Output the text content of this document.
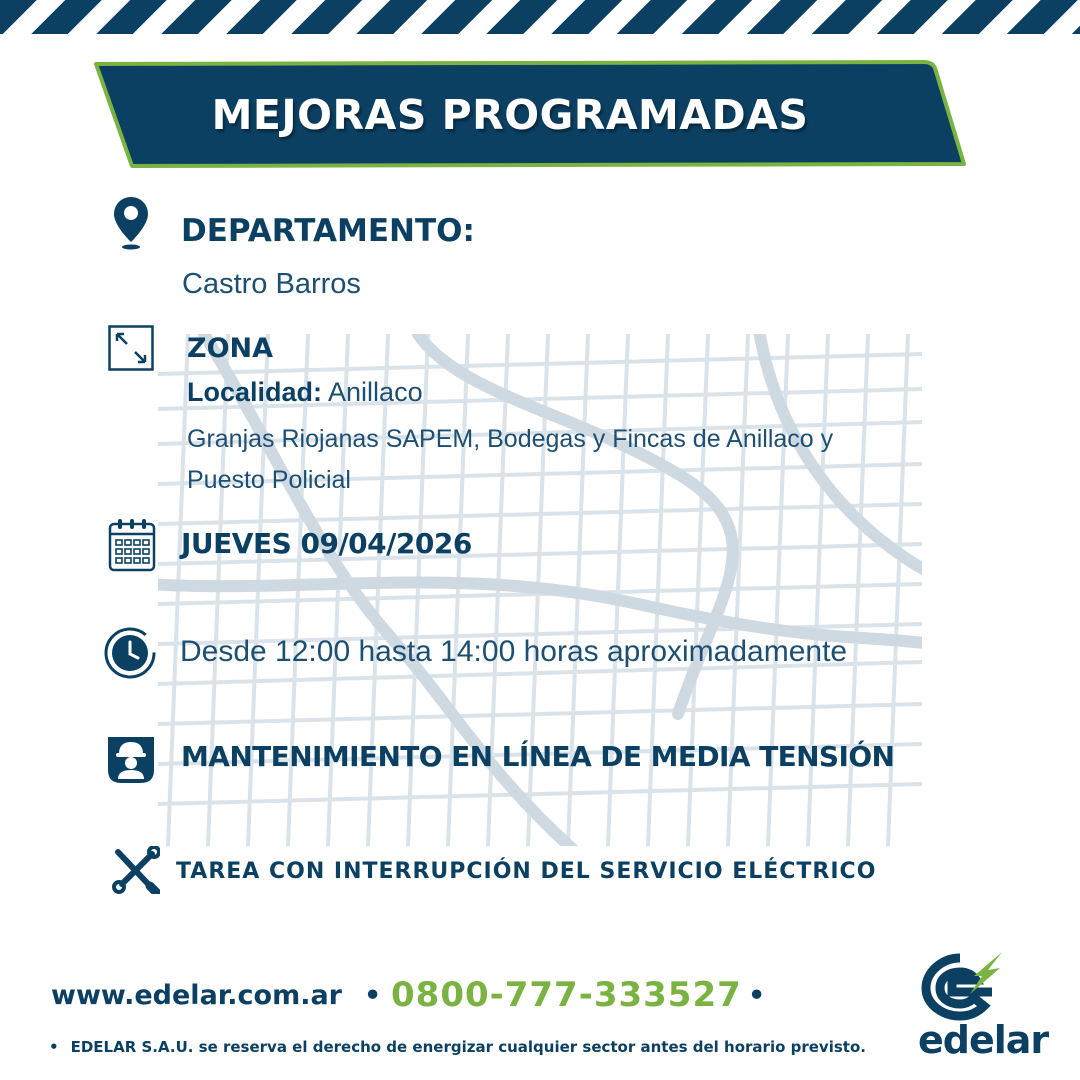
MEJORAS PROGRAMADAS
DEPARTAMENTO:
Castro Barros
ZONA
Localidad: Anillaco
Granjas Riojanas SAPEM, Bodegas y Fincas de Anillaco y Puesto Policial
JUEVES 09/04/2026
Desde 12:00 hasta 14:00 horas aproximadamente
MANTENIMIENTO EN LÍNEA DE MEDIA TENSIÓN
TAREA CON INTERRUPCIÓN DEL SERVICIO ELÉCTRICO
www.edelar.com.ar • 0800-777-333527 •
• EDELAR S.A.U. se reserva el derecho de energizar cualquier sector antes del horario previsto. edelar
